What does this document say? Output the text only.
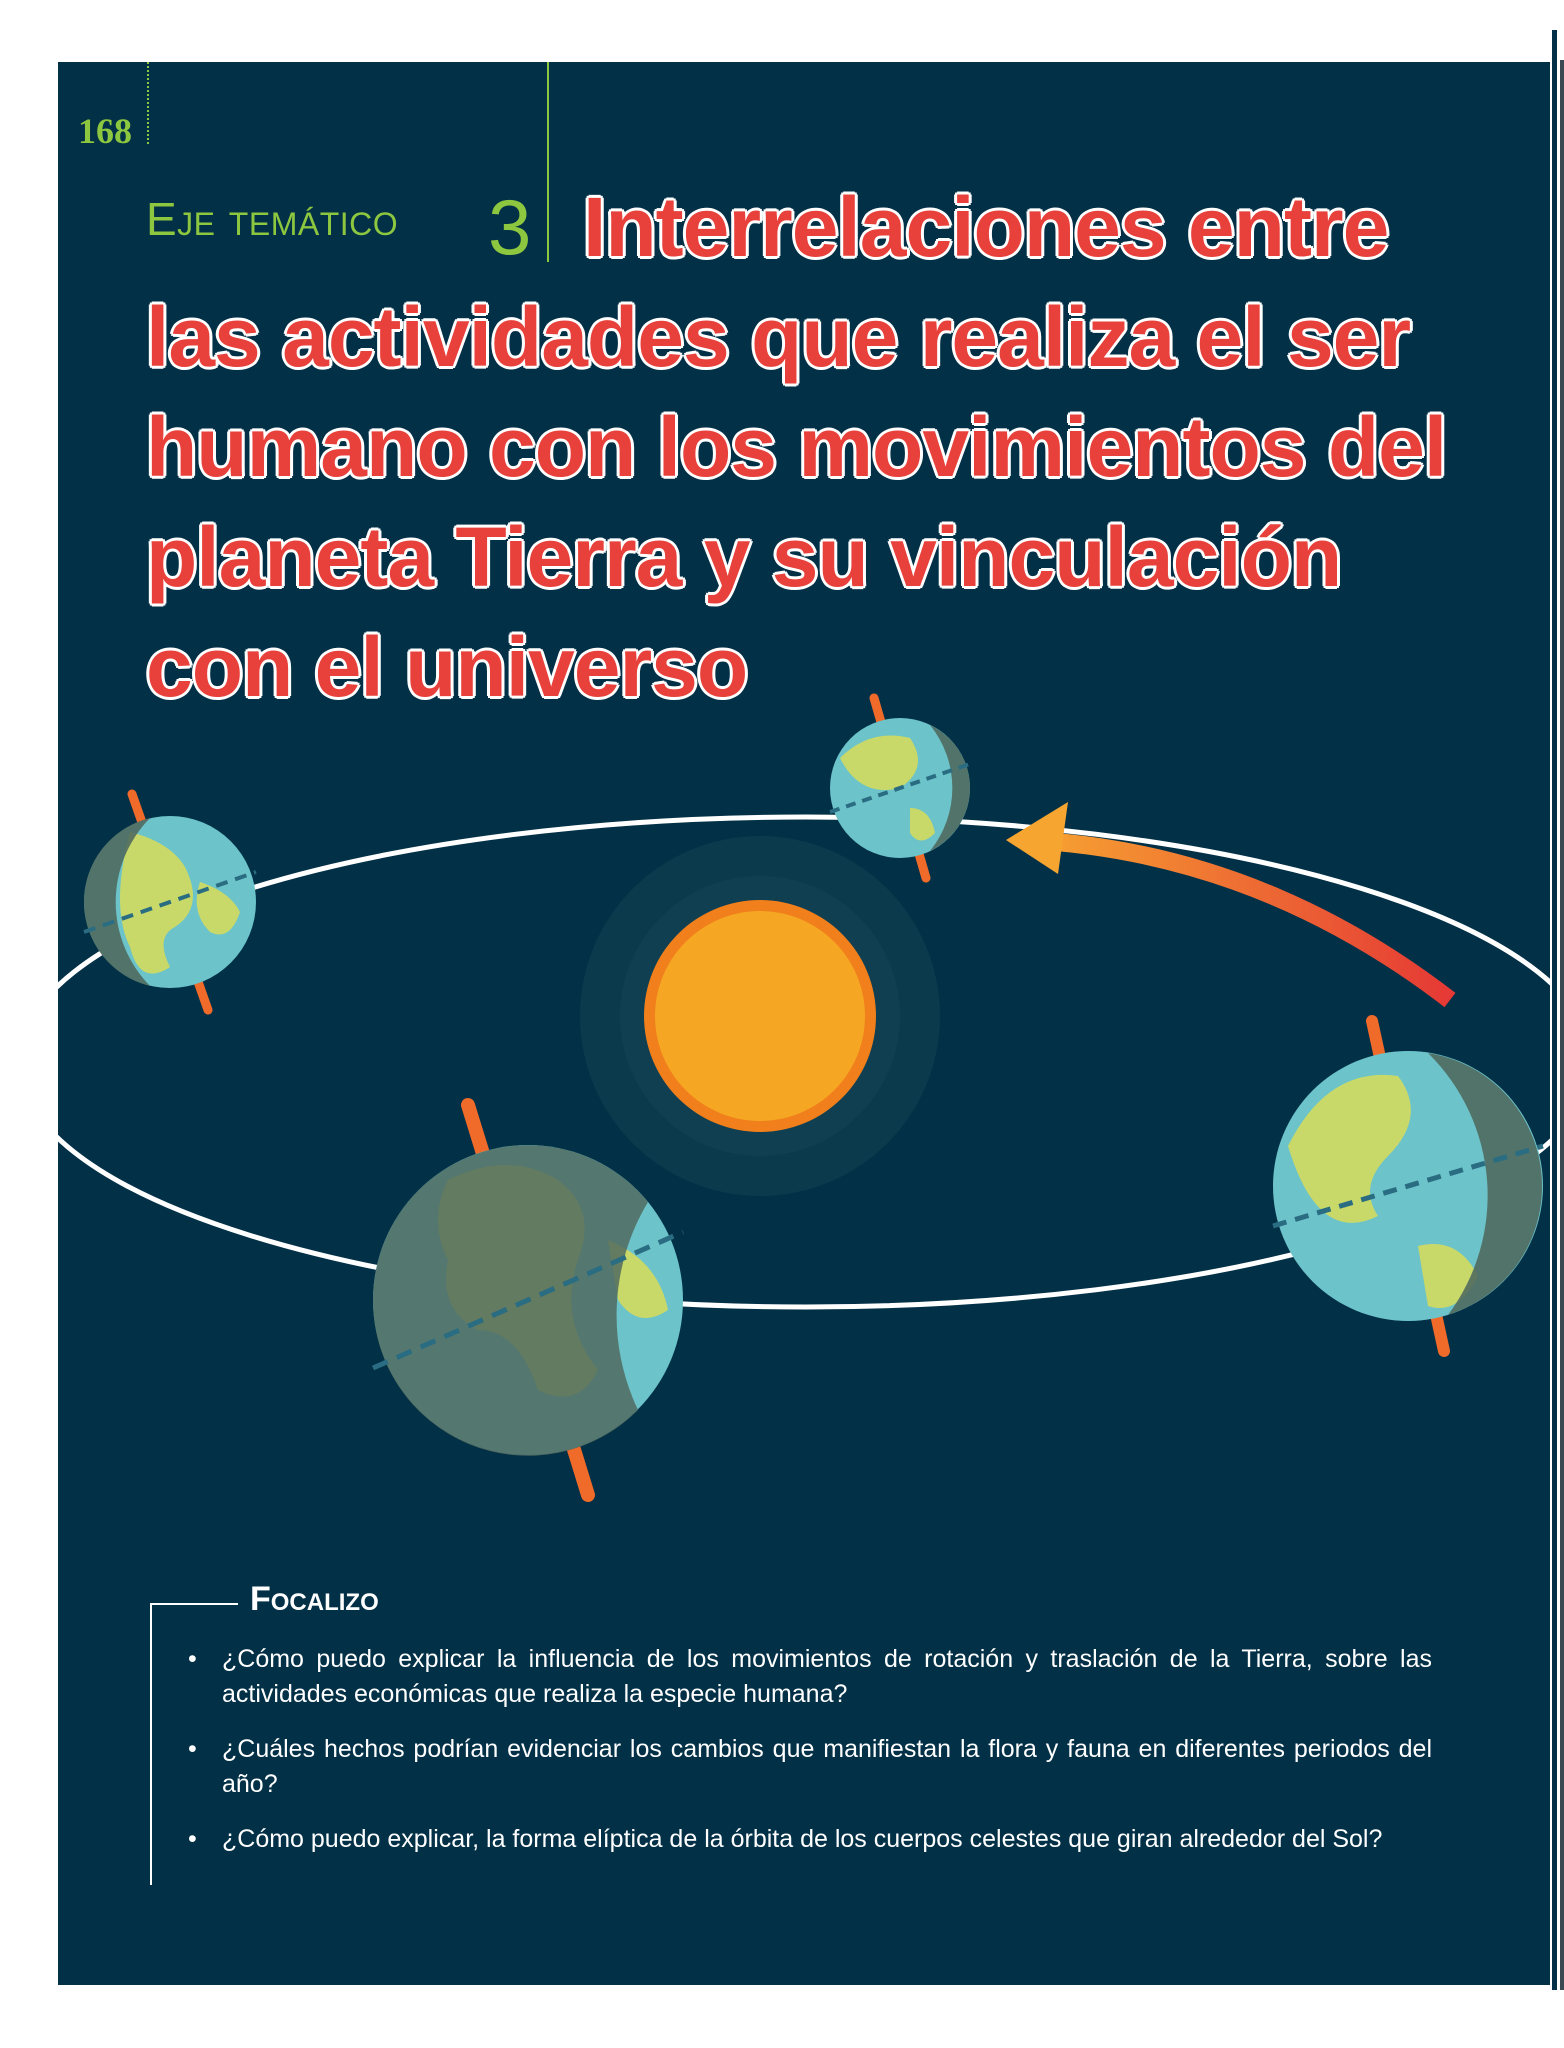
168
Eje temático 3 Interrelaciones entre las actividades que realiza el ser humano con los movimientos del planeta Tierra y su vinculación con el universo
Focalizo
• ¿Cómo puedo explicar la influencia de los movimientos de rotación y traslación de la Tierra, sobre las actividades económicas que realiza la especie humana?
• ¿Cuáles hechos podrían evidenciar los cambios que manifiestan la flora y fauna en diferentes periodos del año?
• ¿Cómo puedo explicar, la forma elíptica de la órbita de los cuerpos celestes que giran alrededor del Sol?
